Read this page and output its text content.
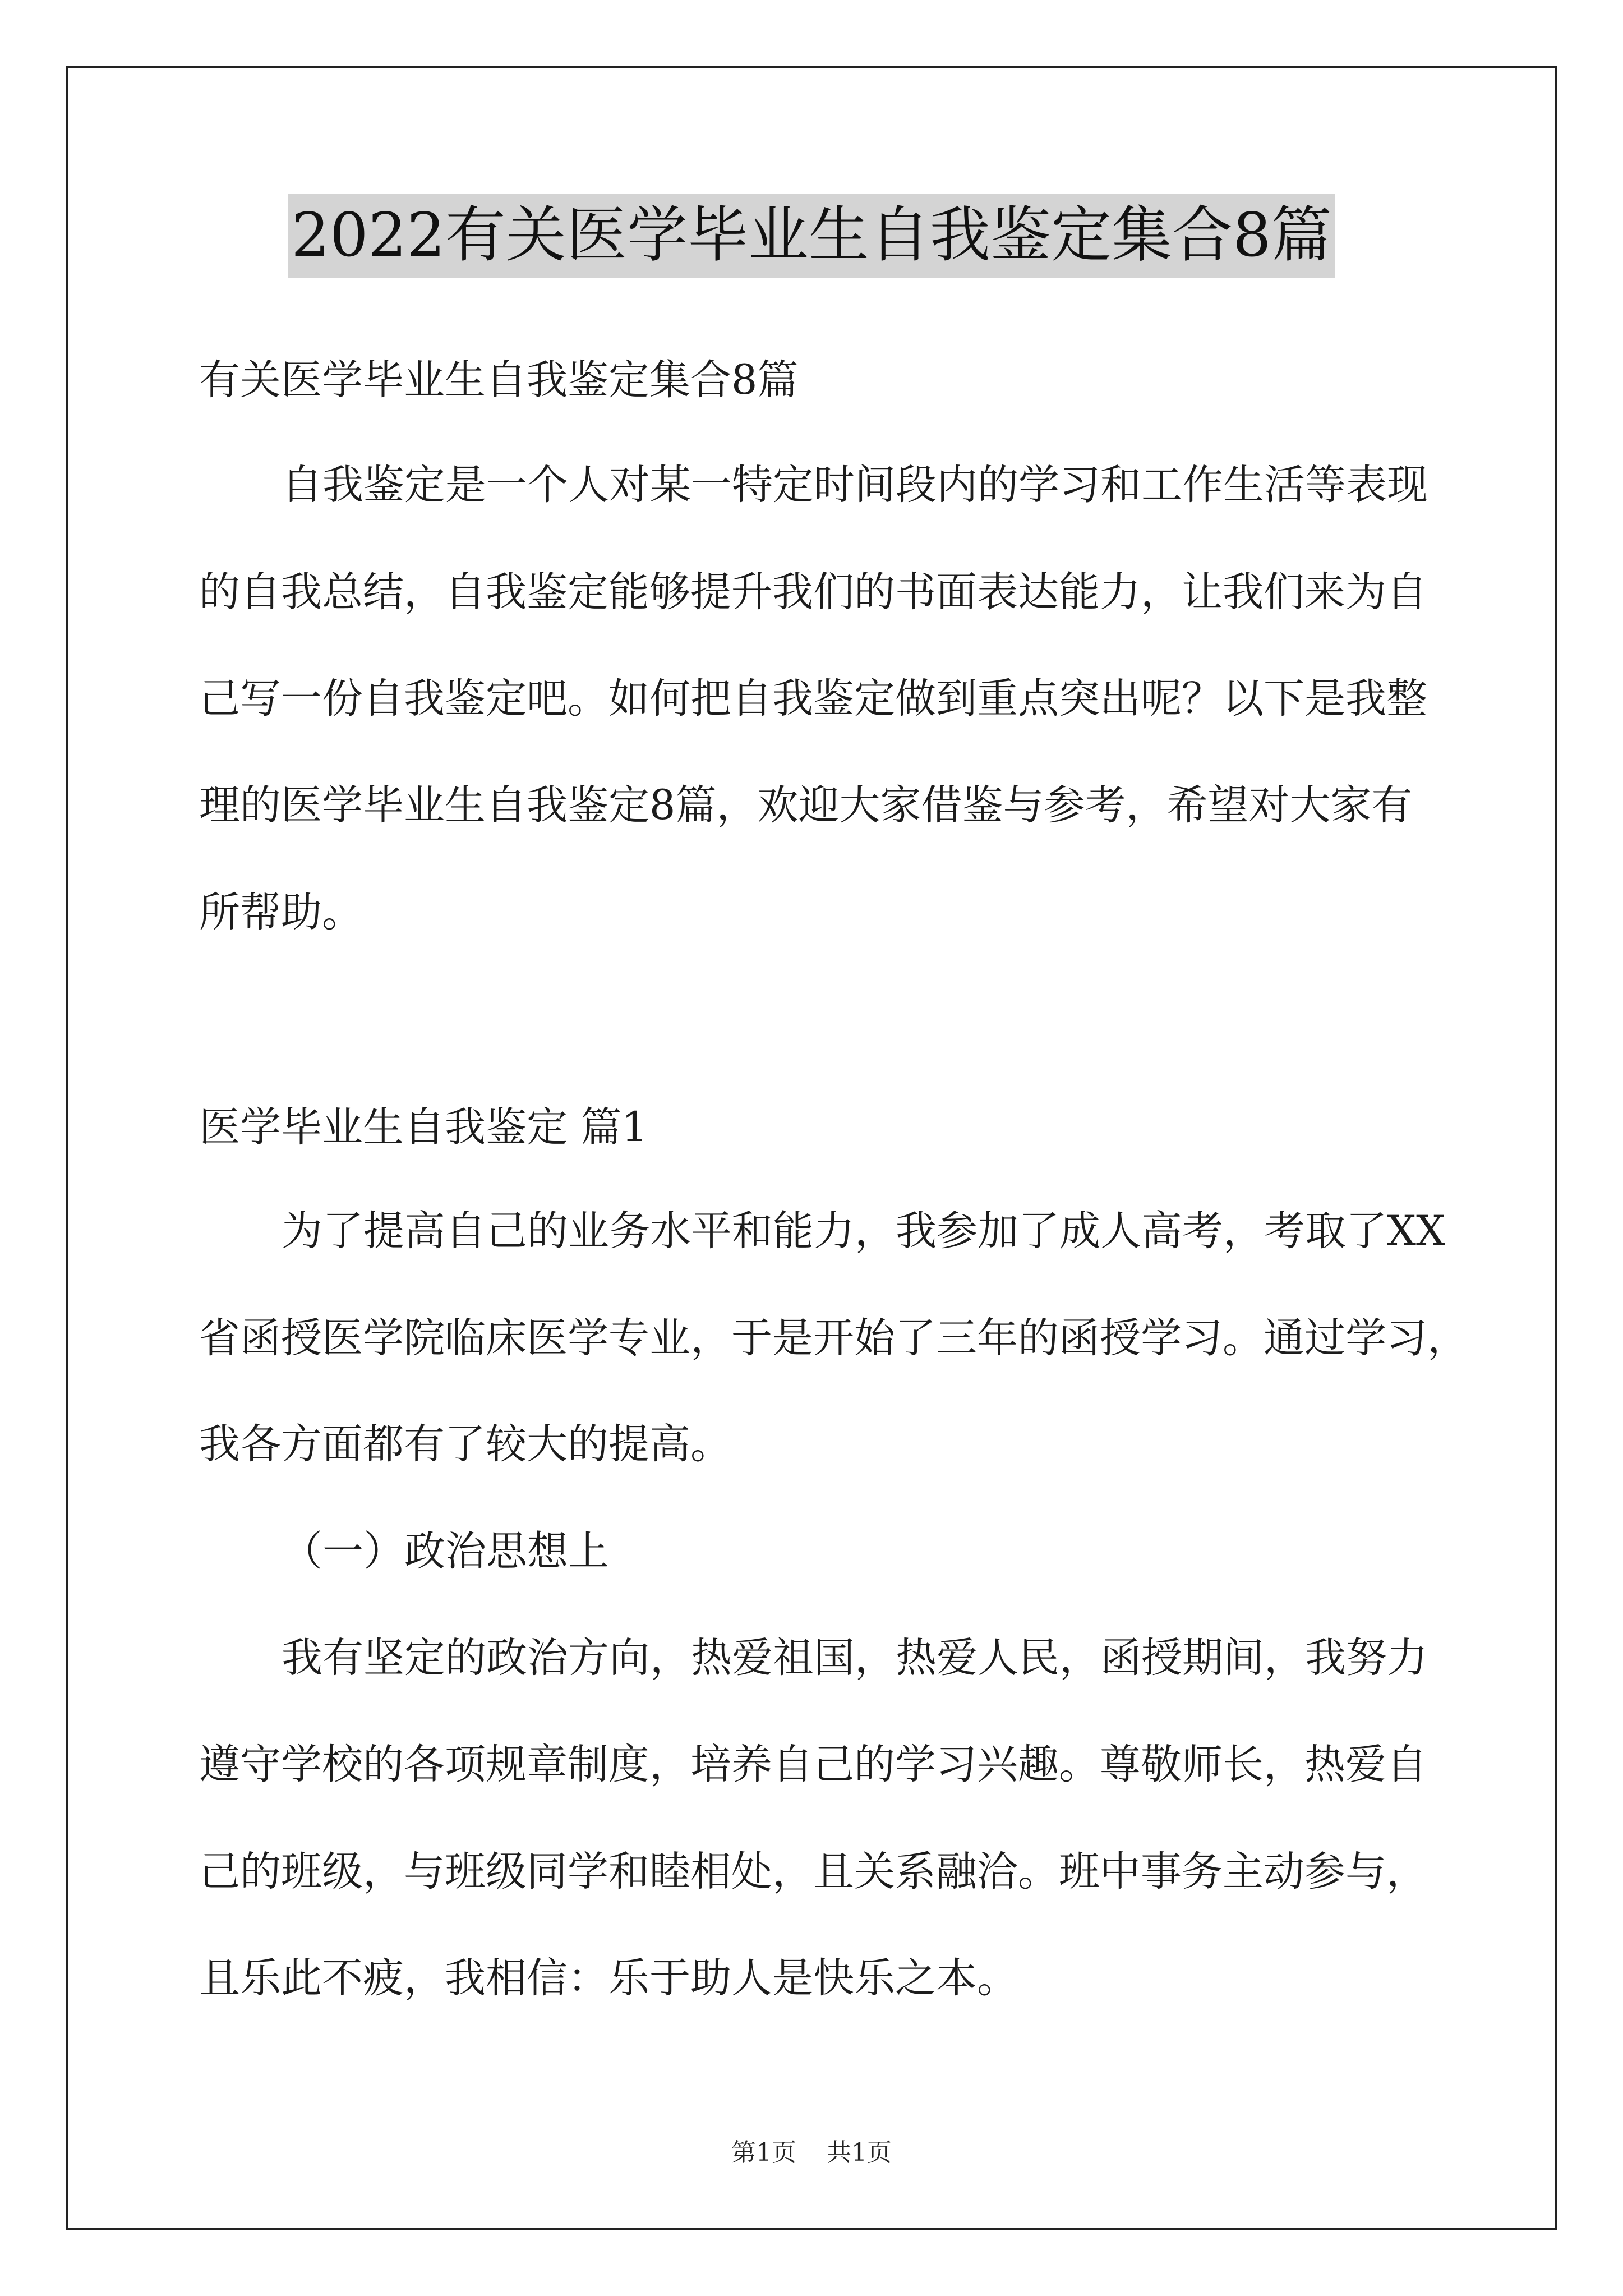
2022有关医学毕业生自我鉴定集合8篇
有关医学毕业生自我鉴定集合8篇
自我鉴定是一个人对某一特定时间段内的学习和工作生活等表现
的自我总结，自我鉴定能够提升我们的书面表达能力，让我们来为自
己写一份自我鉴定吧。如何把自我鉴定做到重点突出呢？以下是我整
理的医学毕业生自我鉴定8篇，欢迎大家借鉴与参考，希望对大家有
所帮助。
医学毕业生自我鉴定 篇1
为了提高自己的业务水平和能力，我参加了成人高考，考取了XX
省函授医学院临床医学专业，于是开始了三年的函授学习。通过学习，
我各方面都有了较大的提高。
（一）政治思想上
我有坚定的政治方向，热爱祖国，热爱人民，函授期间，我努力
遵守学校的各项规章制度，培养自己的学习兴趣。尊敬师长，热爱自
己的班级，与班级同学和睦相处，且关系融洽。班中事务主动参与，
且乐此不疲，我相信：乐于助人是快乐之本。
第1页 共1页
